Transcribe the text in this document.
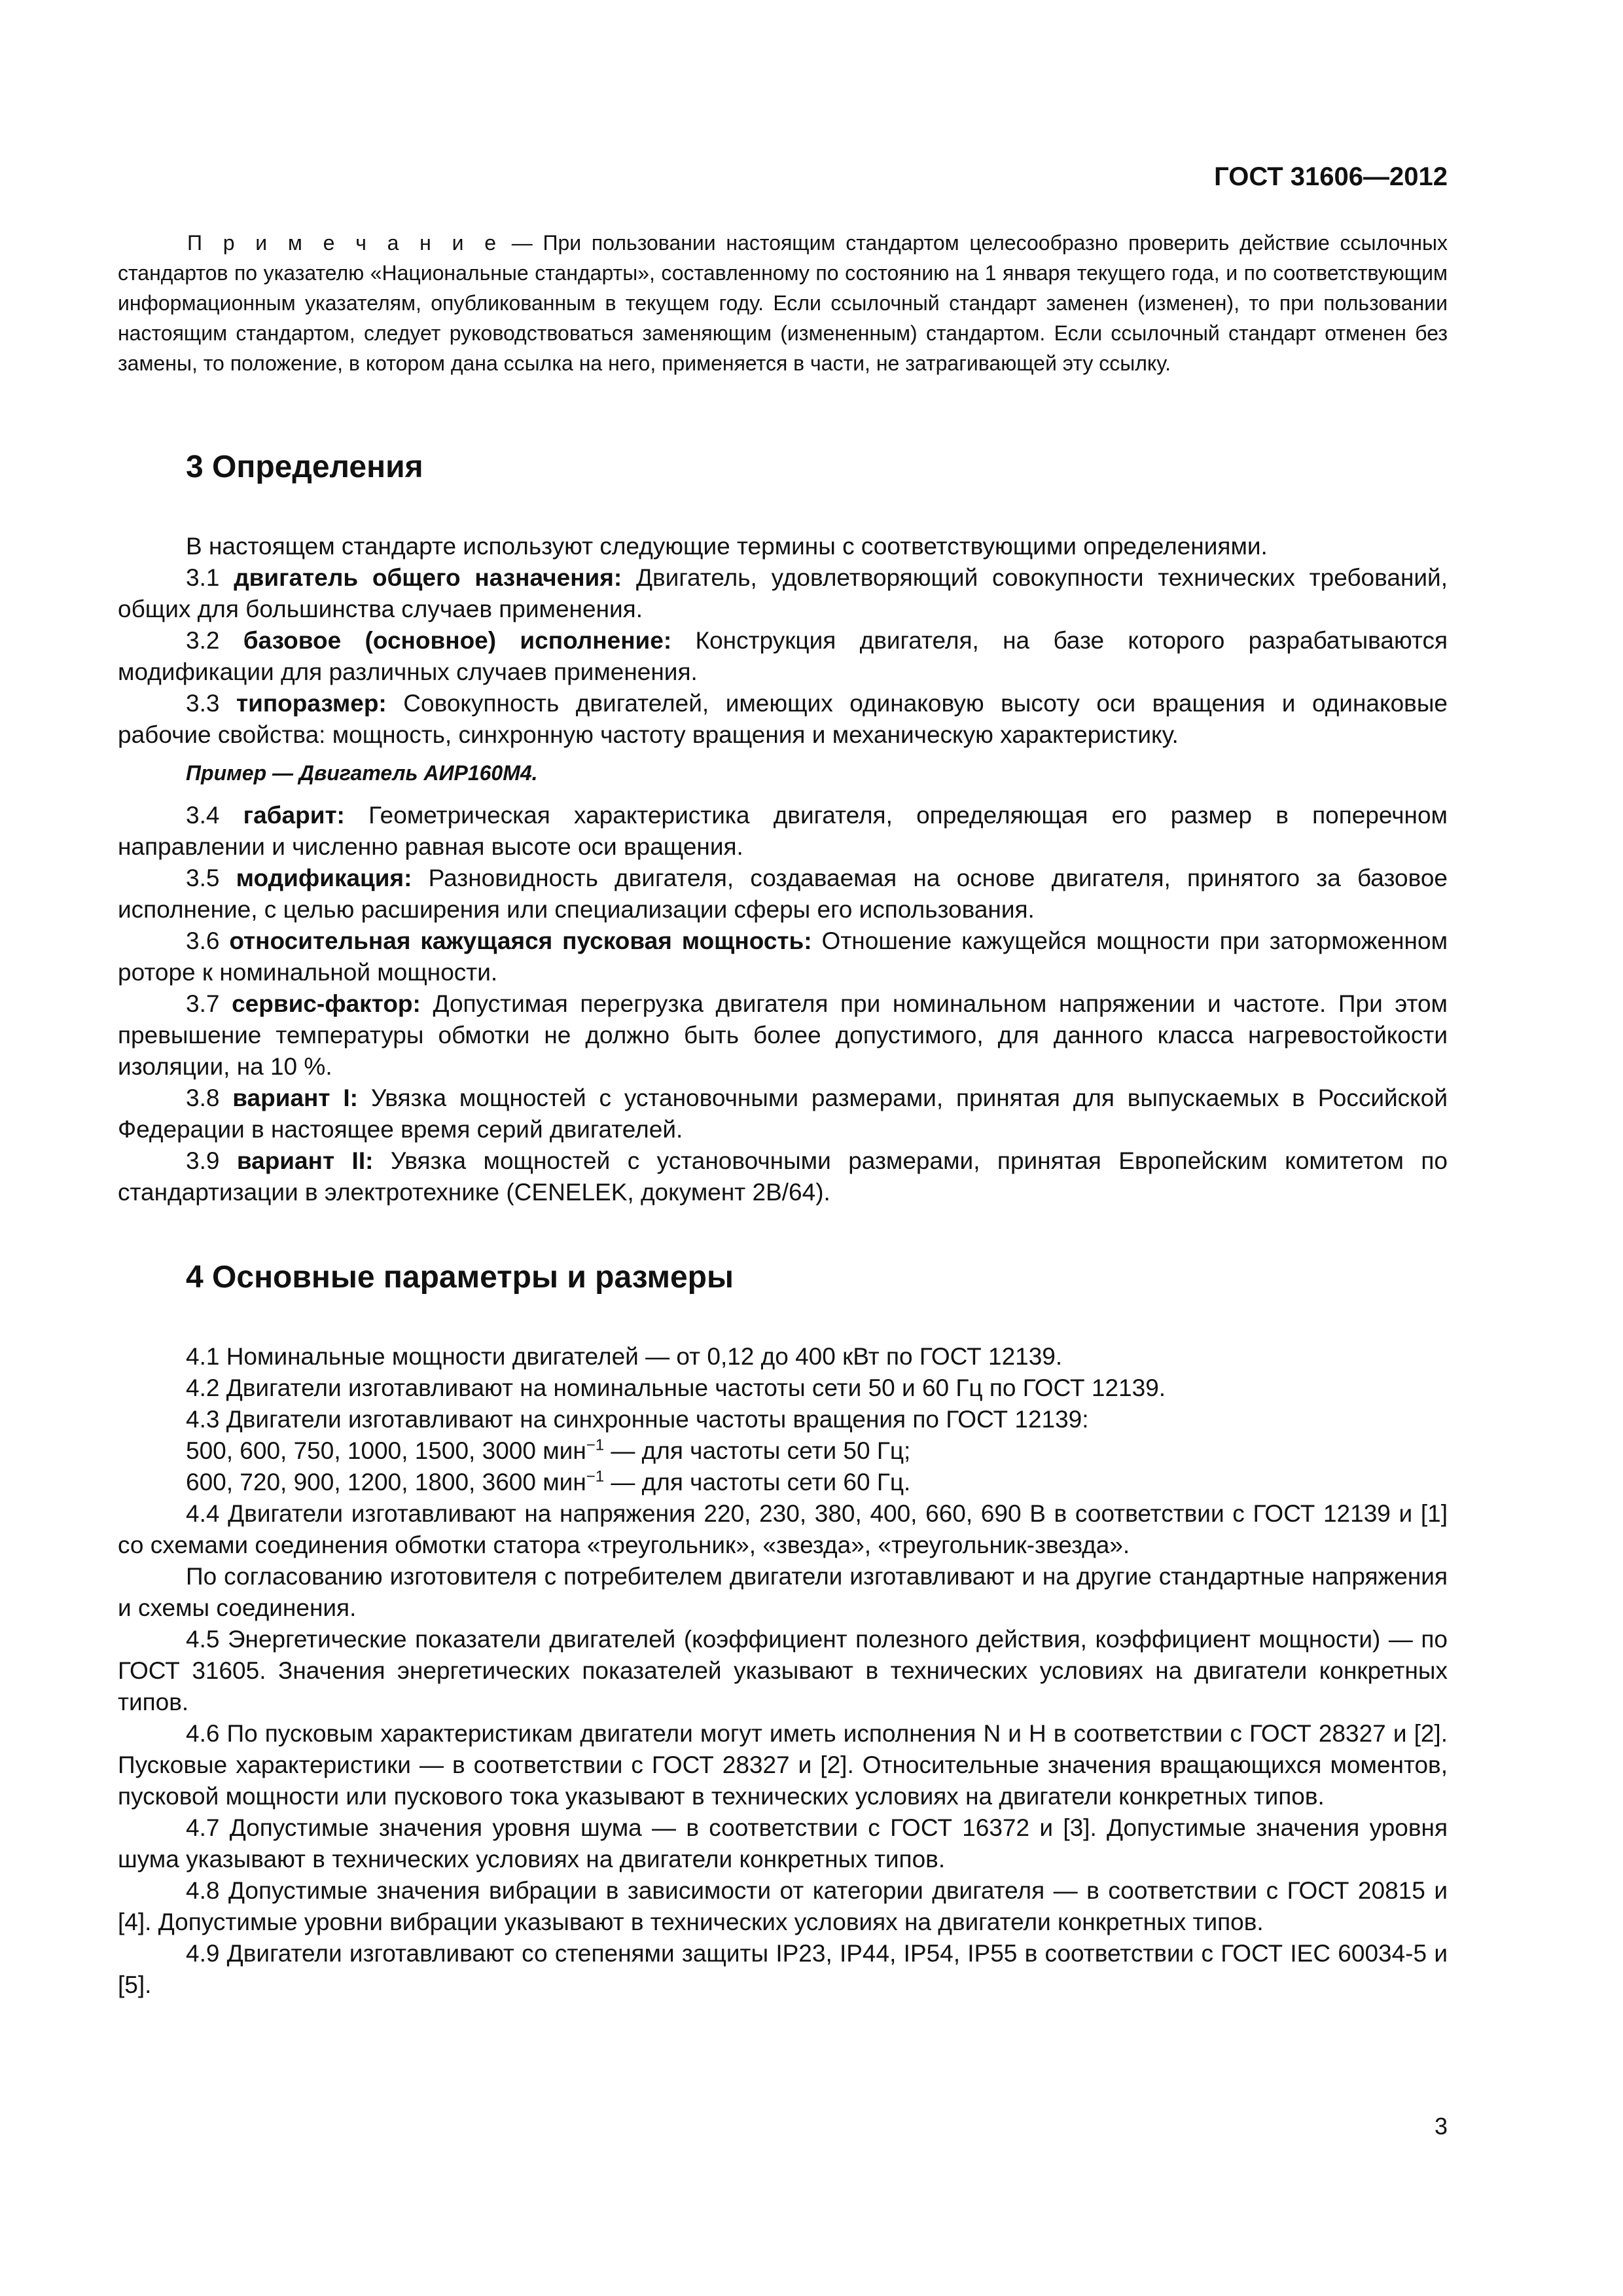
ГОСТ 31606—2012
П р и м е ч а н и е — При пользовании настоящим стандартом целесообразно проверить действие ссылочных стандартов по указателю «Национальные стандарты», составленному по состоянию на 1 января текущего года, и по соответствующим информационным указателям, опубликованным в текущем году. Если ссылочный стандарт заменен (изменен), то при пользовании настоящим стандартом, следует руководствоваться заменяющим (измененным) стандартом. Если ссылочный стандарт отменен без замены, то положение, в котором дана ссылка на него, применяется в части, не затрагивающей эту ссылку.
3 Определения

В настоящем стандарте используют следующие термины с соответствующими определениями.

3.1 двигатель общего назначения: Двигатель, удовлетворяющий совокупности технических требований, общих для большинства случаев применения.

3.2 базовое (основное) исполнение: Конструкция двигателя, на базе которого разрабатываются модификации для различных случаев применения.

3.3 типоразмер: Совокупность двигателей, имеющих одинаковую высоту оси вращения и одинаковые рабочие свойства: мощность, синхронную частоту вращения и механическую характеристику.

Пример — Двигатель АИР160М4.

3.4 габарит: Геометрическая характеристика двигателя, определяющая его размер в поперечном направлении и численно равная высоте оси вращения.

3.5 модификация: Разновидность двигателя, создаваемая на основе двигателя, принятого за базовое исполнение, с целью расширения или специализации сферы его использования.

3.6 относительная кажущаяся пусковая мощность: Отношение кажущейся мощности при заторможенном роторе к номинальной мощности.

3.7 сервис-фактор: Допустимая перегрузка двигателя при номинальном напряжении и частоте. При этом превышение температуры обмотки не должно быть более допустимого, для данного класса нагревостойкости изоляции, на 10 %.

3.8 вариант I: Увязка мощностей с установочными размерами, принятая для выпускаемых в Российской Федерации в настоящее время серий двигателей.

3.9 вариант II: Увязка мощностей с установочными размерами, принятая Европейским комитетом по стандартизации в электротехнике (CENELEK, документ 2В/64).

4 Основные параметры и размеры

4.1 Номинальные мощности двигателей — от 0,12 до 400 кВт по ГОСТ 12139.

4.2 Двигатели изготавливают на номинальные частоты сети 50 и 60 Гц по ГОСТ 12139.

4.3 Двигатели изготавливают на синхронные частоты вращения по ГОСТ 12139:

500, 600, 750, 1000, 1500, 3000 мин$^{-1}$ — для частоты сети 50 Гц;

600, 720, 900, 1200, 1800, 3600 мин$^{-1}$ — для частоты сети 60 Гц.

4.4 Двигатели изготавливают на напряжения 220, 230, 380, 400, 660, 690 В в соответствии с ГОСТ 12139 и [1] со схемами соединения обмотки статора «треугольник», «звезда», «треугольник-звезда».

По согласованию изготовителя с потребителем двигатели изготавливают и на другие стандартные напряжения и схемы соединения.

4.5 Энергетические показатели двигателей (коэффициент полезного действия, коэффициент мощности) — по ГОСТ 31605. Значения энергетических показателей указывают в технических условиях на двигатели конкретных типов.

4.6 По пусковым характеристикам двигатели могут иметь исполнения N и Н в соответствии с ГОСТ 28327 и [2]. Пусковые характеристики — в соответствии с ГОСТ 28327 и [2]. Относительные значения вращающихся моментов, пусковой мощности или пускового тока указывают в технических условиях на двигатели конкретных типов.

4.7 Допустимые значения уровня шума — в соответствии с ГОСТ 16372 и [3]. Допустимые значения уровня шума указывают в технических условиях на двигатели конкретных типов.

4.8 Допустимые значения вибрации в зависимости от категории двигателя — в соответствии с ГОСТ 20815 и [4]. Допустимые уровни вибрации указывают в технических условиях на двигатели конкретных типов.

4.9 Двигатели изготавливают со степенями защиты IP23, IP44, IP54, IP55 в соответствии с ГОСТ IEC 60034-5 и [5].

3
